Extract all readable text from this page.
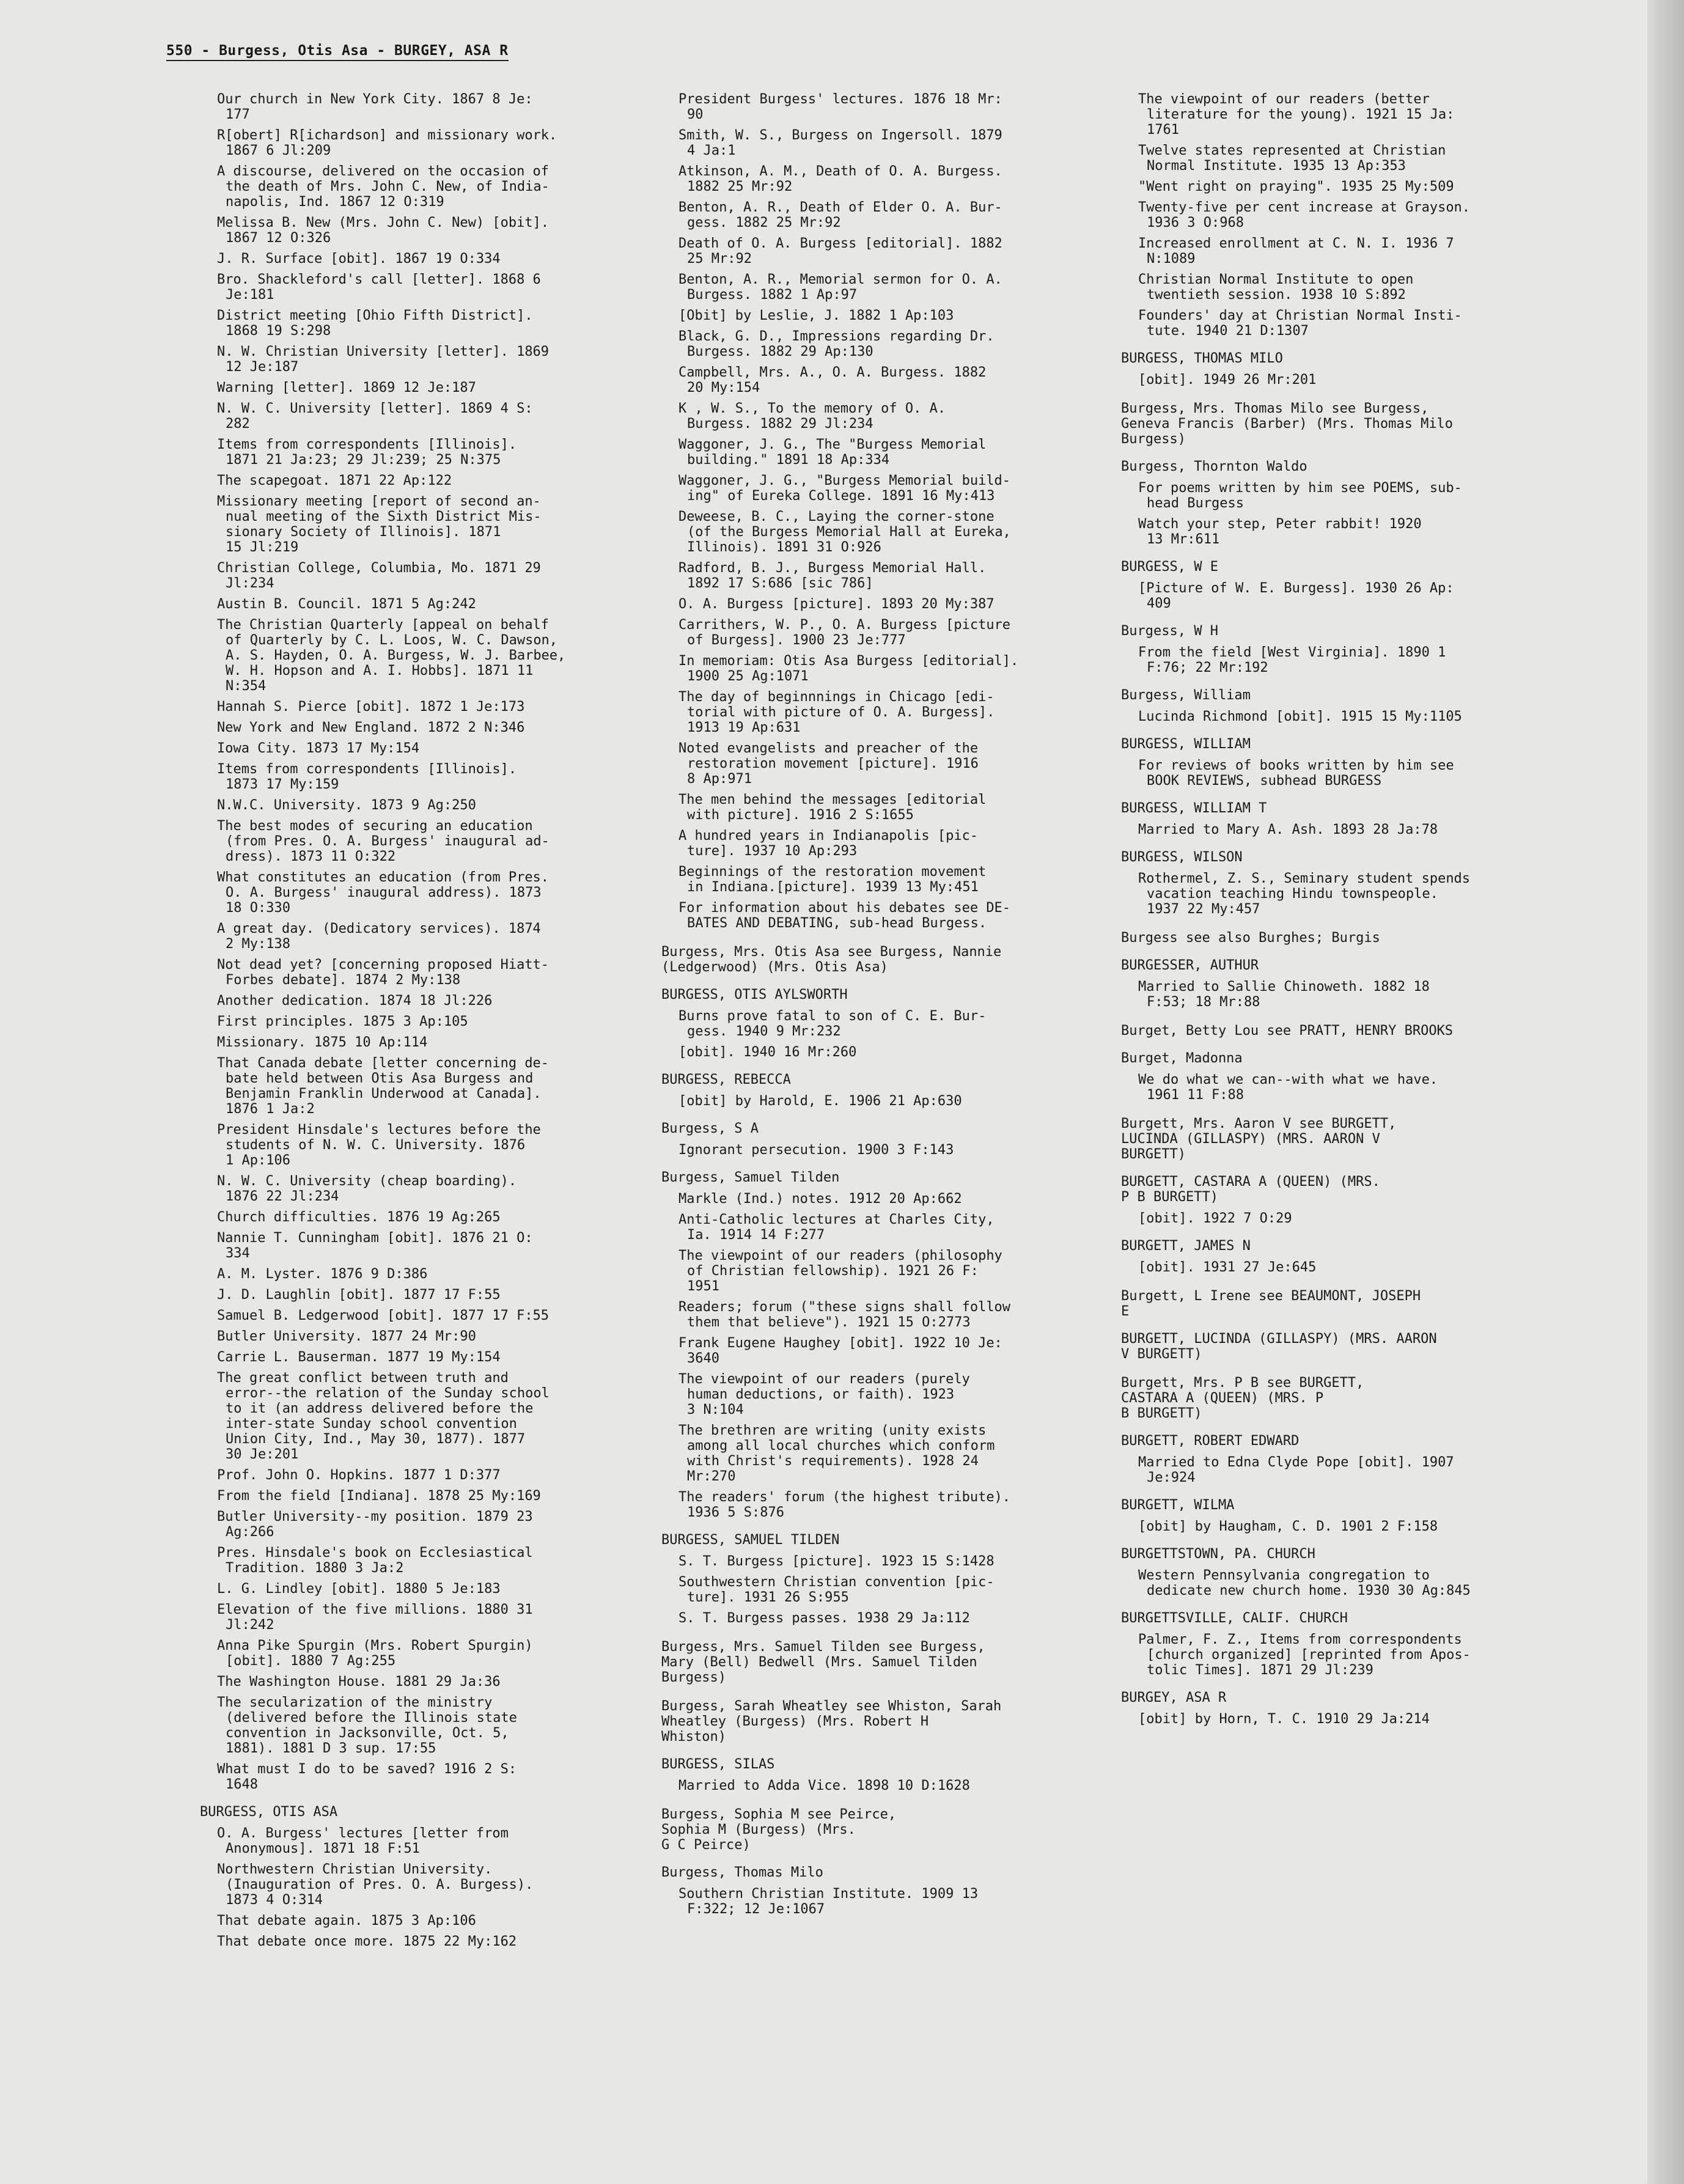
550 - Burgess, Otis Asa - BURGEY, ASA R
Our church in New York City. 1867 8 Je:
177
R[obert] R[ichardson] and missionary work.
1867 6 Jl:209
A discourse, delivered on the occasion of
the death of Mrs. John C. New, of India-
napolis, Ind. 1867 12 O:319
Melissa B. New (Mrs. John C. New) [obit].
1867 12 O:326
J. R. Surface [obit]. 1867 19 O:334
Bro. Shackleford's call [letter]. 1868 6
Je:181
District meeting [Ohio Fifth District].
1868 19 S:298
N. W. Christian University [letter]. 1869
12 Je:187
Warning [letter]. 1869 12 Je:187
N. W. C. University [letter]. 1869 4 S:
282
Items from correspondents [Illinois].
1871 21 Ja:23; 29 Jl:239; 25 N:375
The scapegoat. 1871 22 Ap:122
Missionary meeting [report of second an-
nual meeting of the Sixth District Mis-
sionary Society of Illinois]. 1871
15 Jl:219
Christian College, Columbia, Mo. 1871 29
Jl:234
Austin B. Council. 1871 5 Ag:242
The Christian Quarterly [appeal on behalf
of Quarterly by C. L. Loos, W. C. Dawson,
A. S. Hayden, O. A. Burgess, W. J. Barbee,
W. H. Hopson and A. I. Hobbs]. 1871 11
N:354
Hannah S. Pierce [obit]. 1872 1 Je:173
New York and New England. 1872 2 N:346
Iowa City. 1873 17 My:154
Items from correspondents [Illinois].
1873 17 My:159
N.W.C. University. 1873 9 Ag:250
The best modes of securing an education
(from Pres. O. A. Burgess' inaugural ad-
dress). 1873 11 O:322
What constitutes an education (from Pres.
O. A. Burgess' inaugural address). 1873
18 O:330
A great day. (Dedicatory services). 1874
2 My:138
Not dead yet? [concerning proposed Hiatt-
Forbes debate]. 1874 2 My:138
Another dedication. 1874 18 Jl:226
First principles. 1875 3 Ap:105
Missionary. 1875 10 Ap:114
That Canada debate [letter concerning de-
bate held between Otis Asa Burgess and
Benjamin Franklin Underwood at Canada].
1876 1 Ja:2
President Hinsdale's lectures before the
students of N. W. C. University. 1876
1 Ap:106
N. W. C. University (cheap boarding).
1876 22 Jl:234
Church difficulties. 1876 19 Ag:265
Nannie T. Cunningham [obit]. 1876 21 O:
334
A. M. Lyster. 1876 9 D:386
J. D. Laughlin [obit]. 1877 17 F:55
Samuel B. Ledgerwood [obit]. 1877 17 F:55
Butler University. 1877 24 Mr:90
Carrie L. Bauserman. 1877 19 My:154
The great conflict between truth and
error--the relation of the Sunday school
to it (an address delivered before the
inter-state Sunday school convention
Union City, Ind., May 30, 1877). 1877
30 Je:201
Prof. John O. Hopkins. 1877 1 D:377
From the field [Indiana]. 1878 25 My:169
Butler University--my position. 1879 23
Ag:266
Pres. Hinsdale's book on Ecclesiastical
Tradition. 1880 3 Ja:2
L. G. Lindley [obit]. 1880 5 Je:183
Elevation of the five millions. 1880 31
Jl:242
Anna Pike Spurgin (Mrs. Robert Spurgin)
[obit]. 1880 7 Ag:255
The Washington House. 1881 29 Ja:36
The secularization of the ministry
(delivered before the Illinois state
convention in Jacksonville, Oct. 5,
1881). 1881 D 3 sup. 17:55
What must I do to be saved? 1916 2 S:
1648
BURGESS, OTIS ASA
O. A. Burgess' lectures [letter from
Anonymous]. 1871 18 F:51
Northwestern Christian University.
(Inauguration of Pres. O. A. Burgess).
1873 4 O:314
That debate again. 1875 3 Ap:106
That debate once more. 1875 22 My:162
President Burgess' lectures. 1876 18 Mr:
90
Smith, W. S., Burgess on Ingersoll. 1879
4 Ja:1
Atkinson, A. M., Death of O. A. Burgess.
1882 25 Mr:92
Benton, A. R., Death of Elder O. A. Bur-
gess. 1882 25 Mr:92
Death of O. A. Burgess [editorial]. 1882
25 Mr:92
Benton, A. R., Memorial sermon for O. A.
Burgess. 1882 1 Ap:97
[Obit] by Leslie, J. 1882 1 Ap:103
Black, G. D., Impressions regarding Dr.
Burgess. 1882 29 Ap:130
Campbell, Mrs. A., O. A. Burgess. 1882
20 My:154
K , W. S., To the memory of O. A.
Burgess. 1882 29 Jl:234
Waggoner, J. G., The "Burgess Memorial
building." 1891 18 Ap:334
Waggoner, J. G., "Burgess Memorial build-
ing" of Eureka College. 1891 16 My:413
Deweese, B. C., Laying the corner-stone
(of the Burgess Memorial Hall at Eureka,
Illinois). 1891 31 O:926
Radford, B. J., Burgess Memorial Hall.
1892 17 S:686 [sic 786]
O. A. Burgess [picture]. 1893 20 My:387
Carrithers, W. P., O. A. Burgess [picture
of Burgess]. 1900 23 Je:777
In memoriam: Otis Asa Burgess [editorial].
1900 25 Ag:1071
The day of beginnnings in Chicago [edi-
torial with picture of O. A. Burgess].
1913 19 Ap:631
Noted evangelists and preacher of the
restoration movement [picture]. 1916
8 Ap:971
The men behind the messages [editorial
with picture]. 1916 2 S:1655
A hundred years in Indianapolis [pic-
ture]. 1937 10 Ap:293
Beginnings of the restoration movement
in Indiana.[picture]. 1939 13 My:451
For information about his debates see DE-
BATES AND DEBATING, sub-head Burgess.
Burgess, Mrs. Otis Asa see Burgess, Nannie
(Ledgerwood) (Mrs. Otis Asa)
BURGESS, OTIS AYLSWORTH
Burns prove fatal to son of C. E. Bur-
gess. 1940 9 Mr:232
[obit]. 1940 16 Mr:260
BURGESS, REBECCA
[obit] by Harold, E. 1906 21 Ap:630
Burgess, S A
Ignorant persecution. 1900 3 F:143
Burgess, Samuel Tilden
Markle (Ind.) notes. 1912 20 Ap:662
Anti-Catholic lectures at Charles City,
Ia. 1914 14 F:277
The viewpoint of our readers (philosophy
of Christian fellowship). 1921 26 F:
1951
Readers; forum ("these signs shall follow
them that believe"). 1921 15 O:2773
Frank Eugene Haughey [obit]. 1922 10 Je:
3640
The viewpoint of our readers (purely
human deductions, or faith). 1923
3 N:104
The brethren are writing (unity exists
among all local churches which conform
with Christ's requirements). 1928 24
Mr:270
The readers' forum (the highest tribute).
1936 5 S:876
BURGESS, SAMUEL TILDEN
S. T. Burgess [picture]. 1923 15 S:1428
Southwestern Christian convention [pic-
ture]. 1931 26 S:955
S. T. Burgess passes. 1938 29 Ja:112
Burgess, Mrs. Samuel Tilden see Burgess,
Mary (Bell) Bedwell (Mrs. Samuel Tilden
Burgess)
Burgess, Sarah Wheatley see Whiston, Sarah
Wheatley (Burgess) (Mrs. Robert H
Whiston)
BURGESS, SILAS
Married to Adda Vice. 1898 10 D:1628
Burgess, Sophia M see Peirce,
Sophia M (Burgess) (Mrs.
G C Peirce)
Burgess, Thomas Milo
Southern Christian Institute. 1909 13
F:322; 12 Je:1067
The viewpoint of our readers (better
literature for the young). 1921 15 Ja:
1761
Twelve states represented at Christian
Normal Institute. 1935 13 Ap:353
"Went right on praying". 1935 25 My:509
Twenty-five per cent increase at Grayson.
1936 3 O:968
Increased enrollment at C. N. I. 1936 7
N:1089
Christian Normal Institute to open
twentieth session. 1938 10 S:892
Founders' day at Christian Normal Insti-
tute. 1940 21 D:1307
BURGESS, THOMAS MILO
[obit]. 1949 26 Mr:201
Burgess, Mrs. Thomas Milo see Burgess,
Geneva Francis (Barber) (Mrs. Thomas Milo
Burgess)
Burgess, Thornton Waldo
For poems written by him see POEMS, sub-
head Burgess
Watch your step, Peter rabbit! 1920
13 Mr:611
BURGESS, W E
[Picture of W. E. Burgess]. 1930 26 Ap:
409
Burgess, W H
From the field [West Virginia]. 1890 1
F:76; 22 Mr:192
Burgess, William
Lucinda Richmond [obit]. 1915 15 My:1105
BURGESS, WILLIAM
For reviews of books written by him see
BOOK REVIEWS, subhead BURGESS
BURGESS, WILLIAM T
Married to Mary A. Ash. 1893 28 Ja:78
BURGESS, WILSON
Rothermel, Z. S., Seminary student spends
vacation teaching Hindu townspeople.
1937 22 My:457
Burgess see also Burghes; Burgis
BURGESSER, AUTHUR
Married to Sallie Chinoweth. 1882 18
F:53; 18 Mr:88
Burget, Betty Lou see PRATT, HENRY BROOKS
Burget, Madonna
We do what we can--with what we have.
1961 11 F:88
Burgett, Mrs. Aaron V see BURGETT,
LUCINDA (GILLASPY) (MRS. AARON V
BURGETT)
BURGETT, CASTARA A (QUEEN) (MRS.
P B BURGETT)
[obit]. 1922 7 O:29
BURGETT, JAMES N
[obit]. 1931 27 Je:645
Burgett, L Irene see BEAUMONT, JOSEPH
E
BURGETT, LUCINDA (GILLASPY) (MRS. AARON
V BURGETT)
Burgett, Mrs. P B see BURGETT,
CASTARA A (QUEEN) (MRS. P
B BURGETT)
BURGETT, ROBERT EDWARD
Married to Edna Clyde Pope [obit]. 1907
Je:924
BURGETT, WILMA
[obit] by Haugham, C. D. 1901 2 F:158
BURGETTSTOWN, PA. CHURCH
Western Pennsylvania congregation to
dedicate new church home. 1930 30 Ag:845
BURGETTSVILLE, CALIF. CHURCH
Palmer, F. Z., Items from correspondents
[church organized] [reprinted from Apos-
tolic Times]. 1871 29 Jl:239
BURGEY, ASA R
[obit] by Horn, T. C. 1910 29 Ja:214
